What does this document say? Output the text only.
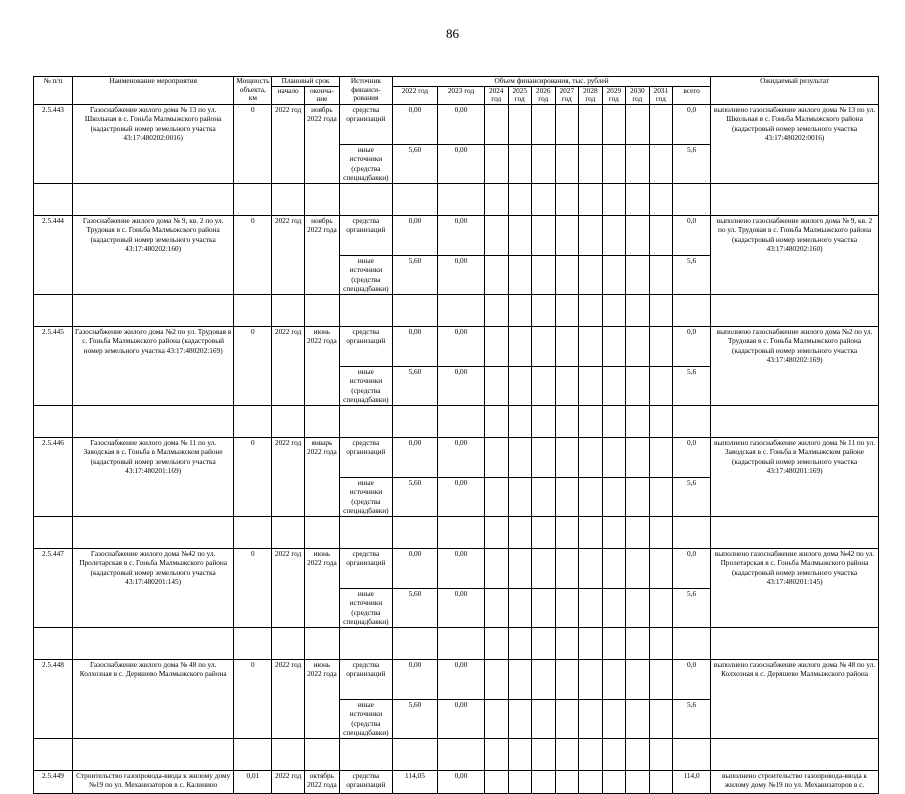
86
№ п/п	Наименование мероприятия	Мощность объекта, км	Плановый срок		Источник финанси-рования	Объем финансирования, тыс. рублей											Ожидаемый результат
			начало	оконча-ние		2022 год	2023 год	2024 год	2025 год	2026 год	2027 год	2028 год	2029 год	2030 год	2031 год	всего	

2.5.443	Газоснабжение жилого дома № 13 по ул. Школьная в с. Гоньба Малмыжского района (кадастровый номер земельного участка 43:17:480202:0016)	0	2022 год	ноябрь 2022 года	средства организаций	0,00	0,00									0,0	выполнено газоснабжение жилого дома № 13 по ул. Школьная в с. Гоньба Малмыжского района (кадастровый номер земельного участка 43:17:480202:0016)
					иные источники (средства спецнадбавки)	5,60	0,00									5,6	

2.5.444	Газоснабжение жилого дома № 9, кв. 2 по ул. Трудовая в с. Гоньба Малмыжского района (кадастровый номер земельного участка 43:17:480202:160)	0	2022 год	ноябрь 2022 года	средства организаций	0,00	0,00									0,0	выполнено газоснабжение жилого дома № 9, кв. 2 по ул. Трудовая в с. Гоньба Малмыжского района (кадастровый номер земельного участка 43:17:480202:160)
					иные источники (средства спецнадбавки)	5,60	0,00									5,6	

2.5.445	Газоснабжение жилого дома №2 по ул. Трудовая в с. Гоньба Малмыжского района (кадастровый номер земельного участка 43:17:480202:169)	0	2022 год	июнь 2022 года	средства организаций	0,00	0,00									0,0	выполнено газоснабжение жилого дома №2 по ул. Трудовая в с. Гоньба Малмыжского района (кадастровый номер земельного участка 43:17:480202:169)
					иные источники (средства спецнадбавки)	5,60	0,00									5,6	

2.5.446	Газоснабжение жилого дома № 11 по ул. Заводская в с. Гоньба в Малмыжском районе (кадастровый номер земельного участка 43:17:480201:169)	0	2022 год	январь 2022 года	средства организаций	0,00	0,00									0,0	выполнено газоснабжение жилого дома № 11 по ул. Заводская в с. Гоньба в Малмыжском районе (кадастровый номер земельного участка 43:17:480201:169)
					иные источники (средства спецнадбавки)	5,60	0,00									5,6	

2.5.447	Газоснабжение жилого дома №42 по ул. Пролетарская в с. Гоньба Малмыжского района (кадастровый номер земельного участка 43:17:480201:145)	0	2022 год	июнь 2022 года	средства организаций	0,00	0,00									0,0	выполнено газоснабжение жилого дома №42 по ул. Пролетарская в с. Гоньба Малмыжского района (кадастровый номер земельного участка 43:17:480201:145)
					иные источники (средства спецнадбавки)	5,60	0,00									5,6	

2.5.448	Газоснабжение жилого дома № 48 по ул. Колхозная в с. Деряшево Малмыжского района	0	2022 год	июнь 2022 года	средства организаций	0,00	0,00									0,0	выполнено газоснабжение жилого дома № 48 по ул. Колхозная в с. Деряшево Малмыжского района
					иные источники (средства спецнадбавки)	5,60	0,00									5,6	

2.5.449	Строительство газопровода-ввода к жилому дому №19 по ул. Механизаторов в с. Калинино	0,01	2022 год	октябрь 2022 года	средства организаций	114,05	0,00									114,0	выполнено строительство газопровода-ввода к жилому дому №19 по ул. Механизаторов в с.
